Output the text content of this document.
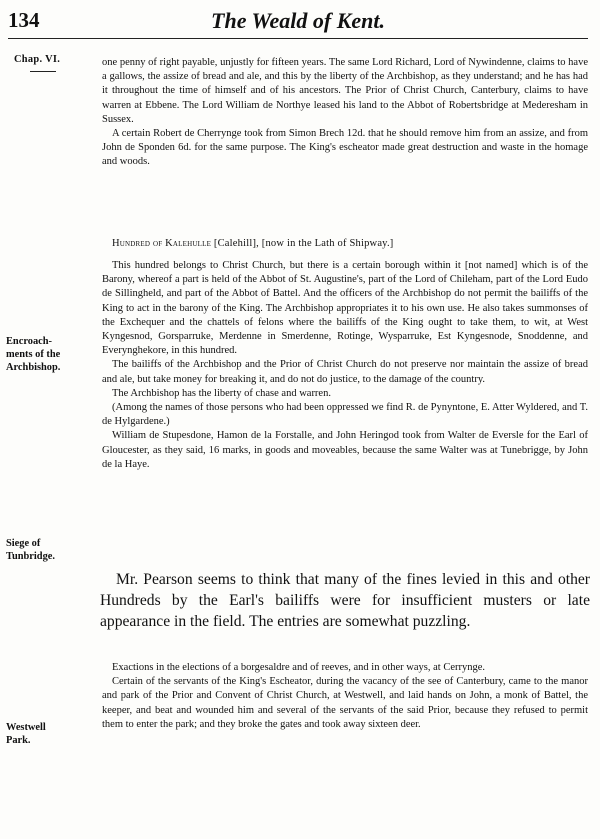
134	The Weald of Kent.
Chap. VI.
Encroach-
ments of the
Archbishop.
Siege of
Tunbridge.
Westwell
Park.

one penny of right payable, unjustly for fifteen years. The same Lord Richard, Lord of Nywindenne, claims to have a gallows, the assize of bread and ale, and this by the liberty of the Archbishop, as they understand; and he has had it throughout the time of himself and of his ancestors. The Prior of Christ Church, Canterbury, claims to have warren at Ebbene. The Lord William de Northye leased his land to the Abbot of Robertsbridge at Mederesham in Sussex.

A certain Robert de Cherrynge took from Simon Brech 12d. that he should remove him from an assize, and from John de Sponden 6d. for the same purpose. The King's escheator made great destruction and waste in the homage and woods.

Hundred of Kalehulle [Calehill], [now in the Lath of Shipway.]

This hundred belongs to Christ Church, but there is a certain borough within it [not named] which is of the Barony, whereof a part is held of the Abbot of St. Augustine's, part of the Lord of Chileham, part of the Lord Eudo de Sillingheld, and part of the Abbot of Battel. And the officers of the Archbishop do not permit the bailiffs of the King to act in the barony of the King. The Archbishop appropriates it to his own use. He also takes summonses of the Exchequer and the chattels of felons where the bailiffs of the King ought to take them, to wit, at West Kyngesnod, Gorsparruke, Merdenne in Smerdenne, Rotinge, Wysparruke, Est Kyngesnode, Snoddenne, and Everynghekore, in this hundred.

The bailiffs of the Archbishop and the Prior of Christ Church do not preserve nor maintain the assize of bread and ale, but take money for breaking it, and do not do justice, to the damage of the country.

The Archbishop has the liberty of chase and warren.

(Among the names of those persons who had been oppressed we find R. de Pynyntone, E. Atter Wyldered, and T. de Hylgardene.)

William de Stupesdone, Hamon de la Forstalle, and John Heringod took from Walter de Eversle for the Earl of Gloucester, as they said, 16 marks, in goods and moveables, because the same Walter was at Tunebrigge, by John de la Haye.

Mr. Pearson seems to think that many of the fines levied in this and other Hundreds by the Earl's bailiffs were for insufficient musters or late appearance in the field. The entries are somewhat puzzling.

Exactions in the elections of a borgesaldre and of reeves, and in other ways, at Cerrynge.

Certain of the servants of the King's Escheator, during the vacancy of the see of Canterbury, came to the manor and park of the Prior and Convent of Christ Church, at Westwell, and laid hands on John, a monk of Battel, the keeper, and beat and wounded him and several of the servants of the said Prior, because they refused to permit them to enter the park; and they broke the gates and took away sixteen deer.
